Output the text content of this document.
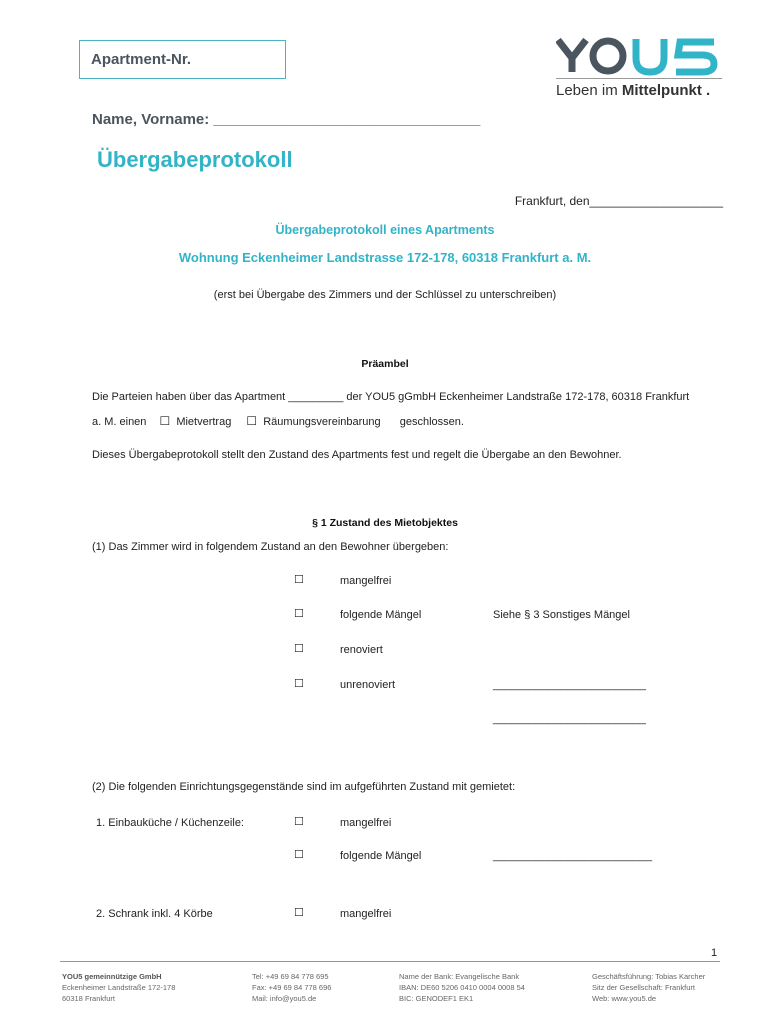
Apartment-Nr.
Leben im Mittelpunkt .
Name, Vorname: ________________________________
Übergabeprotokoll
Frankfurt, den____________________
Übergabeprotokoll eines Apartments
Wohnung Eckenheimer Landstrasse 172-178, 60318 Frankfurt a. M.
(erst bei Übergabe des Zimmers und der Schlüssel zu unterschreiben)
Präambel
Die Parteien haben über das Apartment _________ der YOU5 gGmbH Eckenheimer Landstraße 172-178, 60318 Frankfurt
a. M. einen ☐ Mietvertrag ☐ Räumungsvereinbarung geschlossen.
Dieses Übergabeprotokoll stellt den Zustand des Apartments fest und regelt die Übergabe an den Bewohner.
§ 1 Zustand des Mietobjektes
(1) Das Zimmer wird in folgendem Zustand an den Bewohner übergeben:
☐	mangelfrei
☐	folgende Mängel	Siehe § 3 Sonstiges Mängel
☐	renoviert
☐	unrenoviert	_________________________
_________________________
(2) Die folgenden Einrichtungsgegenstände sind im aufgeführten Zustand mit gemietet:
1. Einbauküche / Küchenzeile:	☐	mangelfrei
☐	folgende Mängel	__________________________
2. Schrank inkl. 4 Körbe	☐	mangelfrei
1
YOU5 gemeinnützige GmbH
Eckenheimer Landstraße 172-178
60318 Frankfurt
Tel: +49 69 84 778 695
Fax: +49 69 84 778 696
Mail: info@you5.de
Name der Bank: Evangelische Bank
IBAN: DE60 5206 0410 0004 0008 54
BIC: GENODEF1 EK1
Geschäftsführung: Tobias Karcher
Sitz der Gesellschaft: Frankfurt
Web: www.you5.de
